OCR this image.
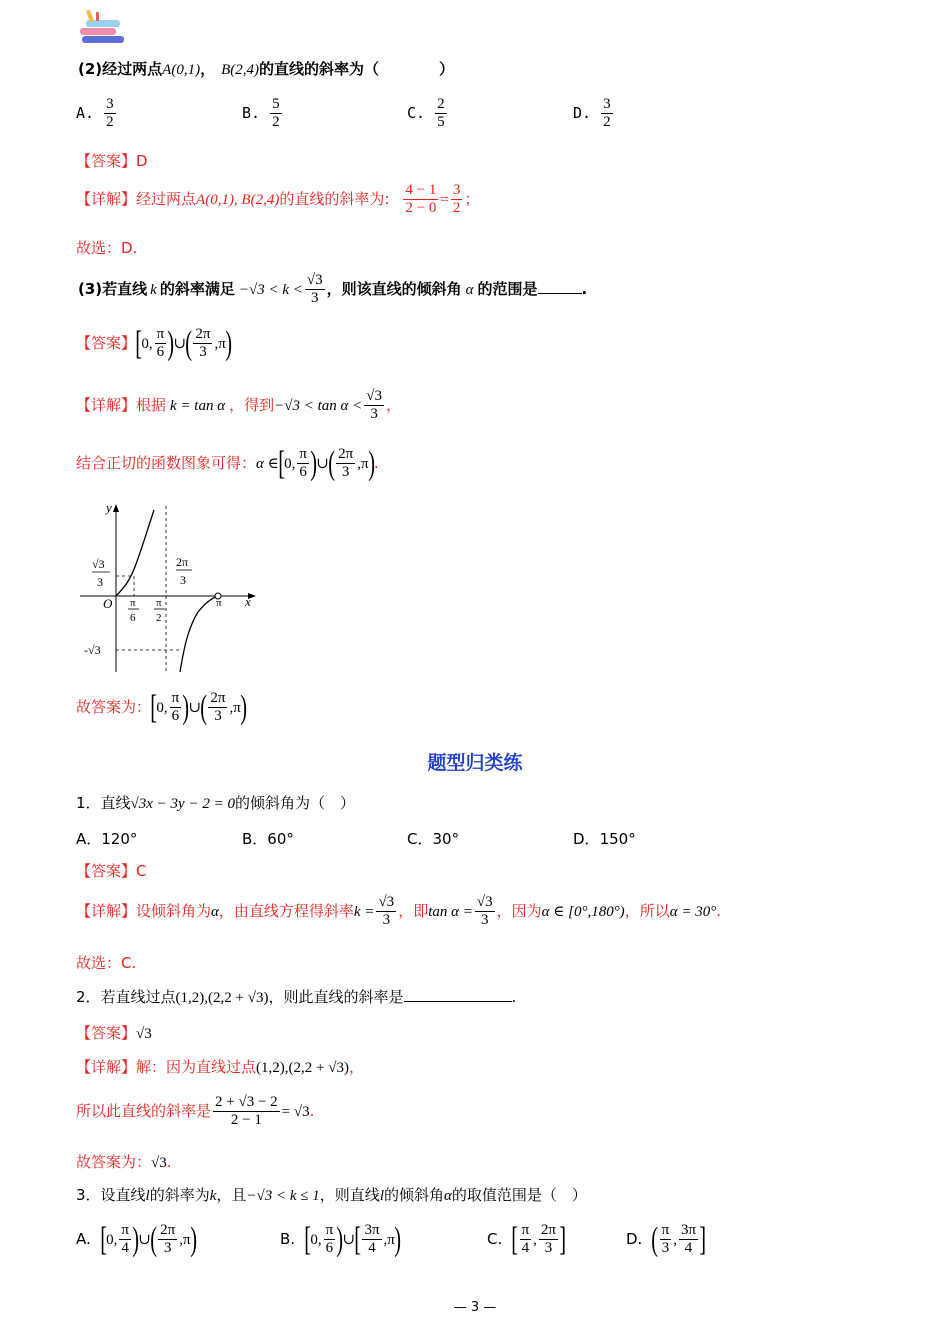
(2)经过两点A(0,1)， B(2,4)的直线的斜率为（　　　　）
A. $\frac{3}{2}$	B. $\frac{5}{2}$	C. $\frac{2}{5}$	D. $\frac{3}{2}$
【答案】D
【详解】经过两点A(0,1), B(2,4)的直线的斜率为: $\frac{4 - 1}{2 - 0} = \frac{3}{2}$ ；
故选：D.
(3)若直线 k 的斜率满足 $-√3 < k < \frac{√3}{3}$ ，则该直线的倾斜角 α 的范围是	.
【答案】[0, $\frac{\pi}{6}$ )∪( $\frac{2\pi}{3} ,\pi$)
【详解】根据 k = tan α ，得到$-√3 < \tan \alpha < \frac{√3}{3}$ ，
结合正切的函数图象可得：α ∈[0, $\frac{\pi}{6}$ )∪( $\frac{2\pi}{3} ,\pi$).
y
x
O
√3
3
2π
3
π
6
π
2
π
-√3
故答案为：[0, $\frac{\pi}{6}$ )∪( $\frac{2\pi}{3} ,\pi$)
题型归类练
1．直线√3x − 3y − 2 = 0的倾斜角为（　）
A．120°	B．60°	C．30°	D．150°
【答案】C
【详解】设倾斜角为α，由直线方程得斜率$k = \frac{√3}{3}$ ，即$\tan \alpha = \frac{√3}{3}$ ，因为α ∈ [0°,180°)，所以α = 30°.
故选：C.
2．若直线过点(1,2),(2,2 + √3)，则此直线的斜率是	.
【答案】√3
【详解】解：因为直线过点(1,2),(2,2 + √3)，
所以此直线的斜率是 $\frac{2 + √3 - 2}{2 - 1} = √3$.
故答案为：√3.
3．设直线l的斜率为k，且−√3 < k ≤ 1，则直线l的倾斜角α的取值范围是（　）
A. [0, $\frac{\pi}{4}$ )∪( $\frac{2\pi}{3} ,\pi$)	B. [0, $\frac{\pi}{6}$ )∪[ $\frac{3\pi}{4} ,\pi$)	C. [ $\frac{\pi}{4}$ , $\frac{2\pi}{3}$ ]	D. ( $\frac{\pi}{3}$ , $\frac{3\pi}{4}$ ]
— 3 —
